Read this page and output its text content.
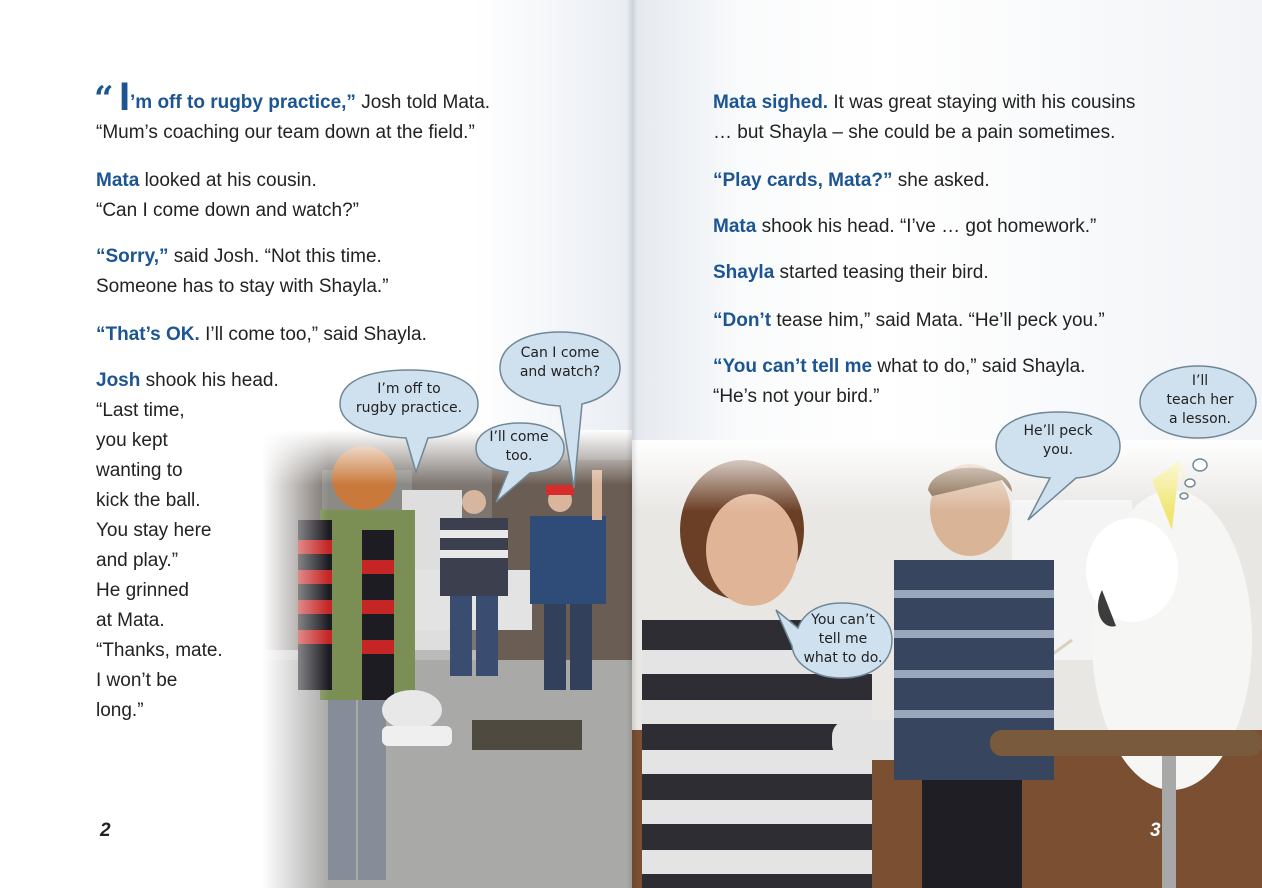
“ I ’m off to rugby practice,” Josh told Mata.
“Mum’s coaching our team down at the field.”
Mata looked at his cousin.
“Can I come down and watch?”
“Sorry,” said Josh. “Not this time.
Someone has to stay with Shayla.”
“That’s OK. I’ll come too,” said Shayla.
Josh shook his head.
“Last time,
you kept
wanting to
kick the ball.
You stay here
and play.”
He grinned
at Mata.
“Thanks, mate.
I won’t be
long.”
I’m off to
rugby practice.
I’ll come
too.
Can I come
and watch?
2
Mata sighed. It was great staying with his cousins
… but Shayla – she could be a pain sometimes.
“Play cards, Mata?” she asked.
Mata shook his head. “I’ve … got homework.”
Shayla started teasing their bird.
“Don’t tease him,” said Mata. “He’ll peck you.”
“You can’t tell me what to do,” said Shayla.
“He’s not your bird.”
He’ll peck
you.
I’ll
teach her
a lesson.
You can’t
tell me
what to do.
3
